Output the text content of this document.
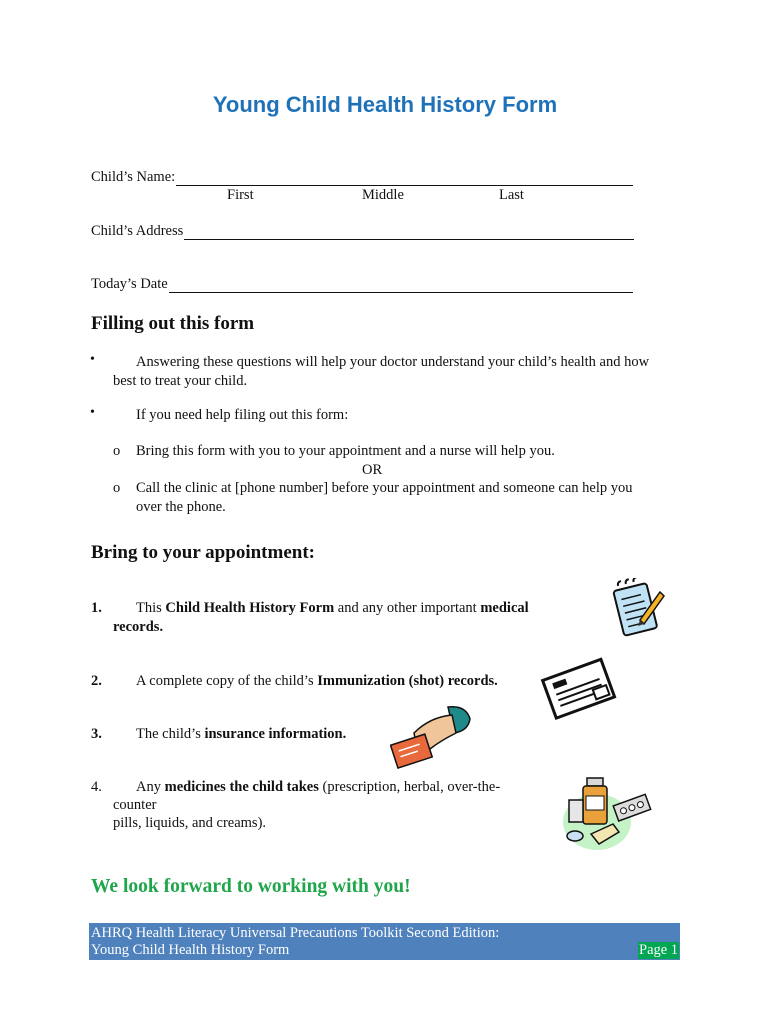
Young Child Health History Form
Child’s Name:
First	Middle	Last
Child’s Address
Today’s Date
Filling out this form
•	Answering these questions will help your doctor understand your child’s health and how
best to treat your child.
•	If you need help filing out this form:
o Bring this form with you to your appointment and a nurse will help you.
OR
o Call the clinic at [phone number] before your appointment and someone can help you
over the phone.
Bring to your appointment:
1. This Child Health History Form and any other important medical
records.
2. A complete copy of the child’s Immunization (shot) records.
3. The child’s insurance information.
4. Any medicines the child takes (prescription, herbal, over-the-
counter
pills, liquids, and creams).
We look forward to working with you!
AHRQ Health Literacy Universal Precautions Toolkit Second Edition:
Young Child Health History Form	Page 1
